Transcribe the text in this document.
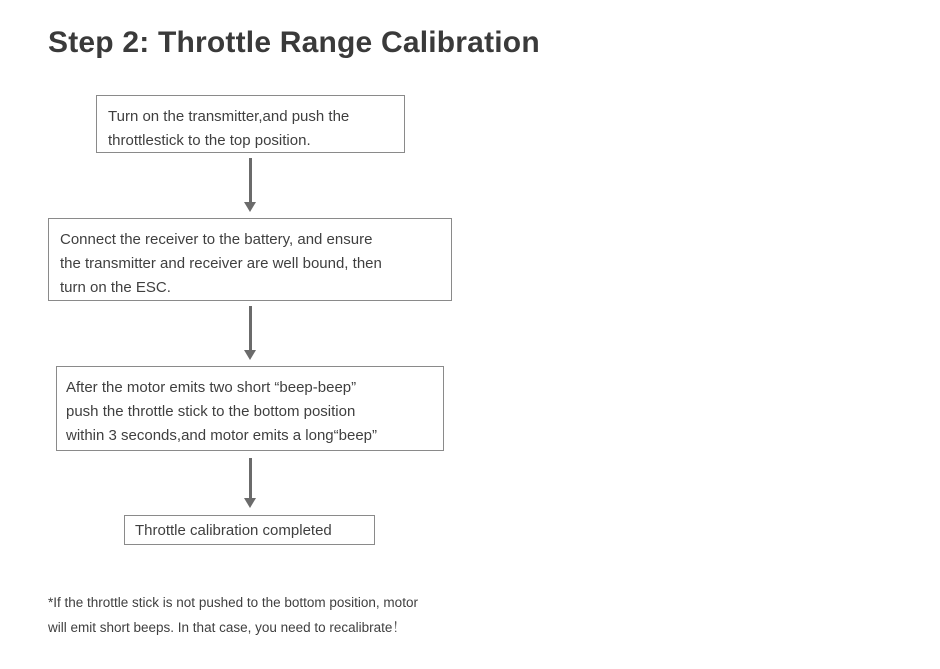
Step 2: Throttle Range Calibration
Turn on the transmitter,and push the
throttlestick to the top position.
Connect the receiver to the battery, and ensure
the transmitter and receiver are well bound, then
turn on the ESC.
After the motor emits two short “beep-beep”
push the throttle stick to the bottom position
within 3 seconds,and motor emits a long“beep”
Throttle calibration completed
*If the throttle stick is not pushed to the bottom position, motor
will emit short beeps. In that case, you need to recalibrate！
